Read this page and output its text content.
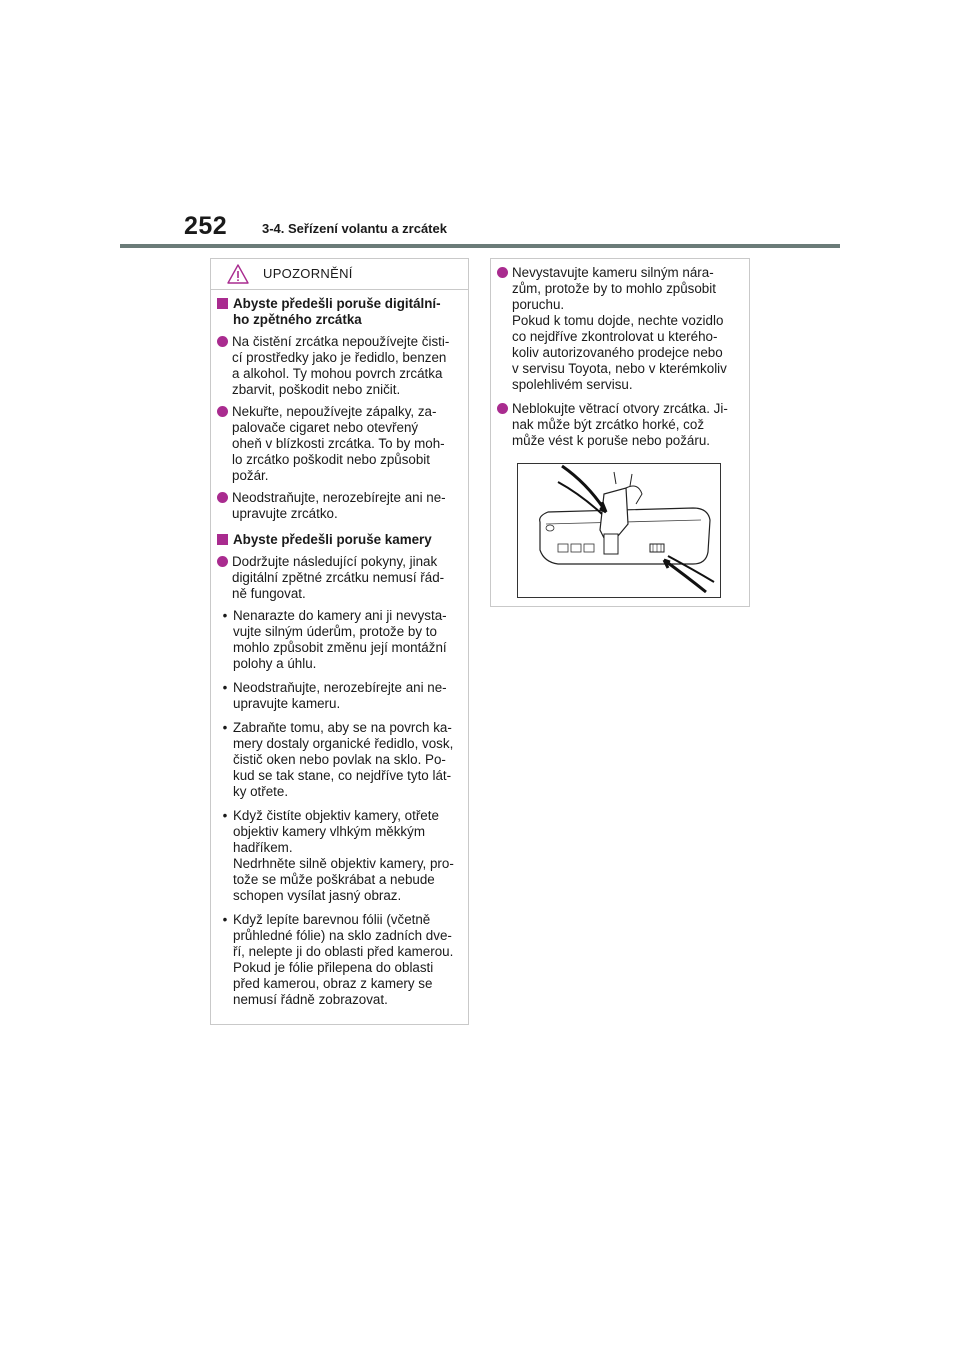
252	3-4. Seřízení volantu a zrcátek
UPOZORNĚNÍ
Abyste předešli poruše digitální-
ho zpětného zrcátka
Na čistění zrcátka nepoužívejte čisti-
cí prostředky jako je ředidlo, benzen
a alkohol. Ty mohou povrch zrcátka
zbarvit, poškodit nebo zničit.
Nekuřte, nepoužívejte zápalky, za-
palovače cigaret nebo otevřený
oheň v blízkosti zrcátka. To by moh-
lo zrcátko poškodit nebo způsobit
požár.
Neodstraňujte, nerozebírejte ani ne-
upravujte zrcátko.
Abyste předešli poruše kamery
Dodržujte následující pokyny, jinak
digitální zpětné zrcátku nemusí řád-
ně fungovat.
• Nenarazte do kamery ani ji nevysta-
vujte silným úderům, protože by to
mohlo způsobit změnu její montážní
polohy a úhlu.
• Neodstraňujte, nerozebírejte ani ne-
upravujte kameru.
• Zabraňte tomu, aby se na povrch ka-
mery dostaly organické ředidlo, vosk,
čistič oken nebo povlak na sklo. Po-
kud se tak stane, co nejdříve tyto lát-
ky otřete.
• Když čistíte objektiv kamery, otřete
objektiv kamery vlhkým měkkým
hadříkem.
Nedrhněte silně objektiv kamery, pro-
tože se může poškrábat a nebude
schopen vysílat jasný obraz.
• Když lepíte barevnou fólii (včetně
průhledné fólie) na sklo zadních dve-
ří, nelepte ji do oblasti před kamerou.
Pokud je fólie přilepena do oblasti
před kamerou, obraz z kamery se
nemusí řádně zobrazovat.
Nevystavujte kameru silným nára-
zům, protože by to mohlo způsobit
poruchu.
Pokud k tomu dojde, nechte vozidlo
co nejdříve zkontrolovat u kterého-
koliv autorizovaného prodejce nebo
v servisu Toyota, nebo v kterémkoliv
spolehlivém servisu.
Neblokujte větrací otvory zrcátka. Ji-
nak může být zrcátko horké, což
může vést k poruše nebo požáru.
